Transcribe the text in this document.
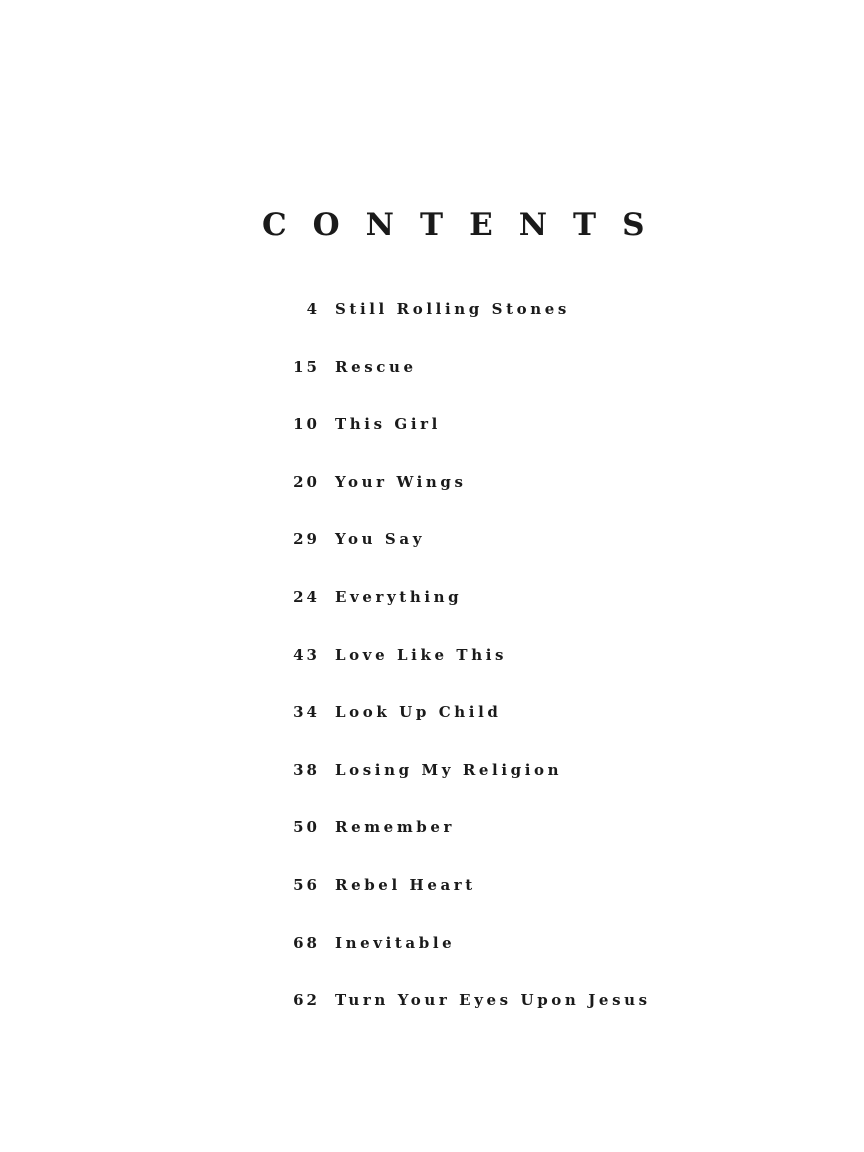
CONTENTS
4 Still Rolling Stones
15 Rescue
10 This Girl
20 Your Wings
29 You Say
24 Everything
43 Love Like This
34 Look Up Child
38 Losing My Religion
50 Remember
56 Rebel Heart
68 Inevitable
62 Turn Your Eyes Upon Jesus
